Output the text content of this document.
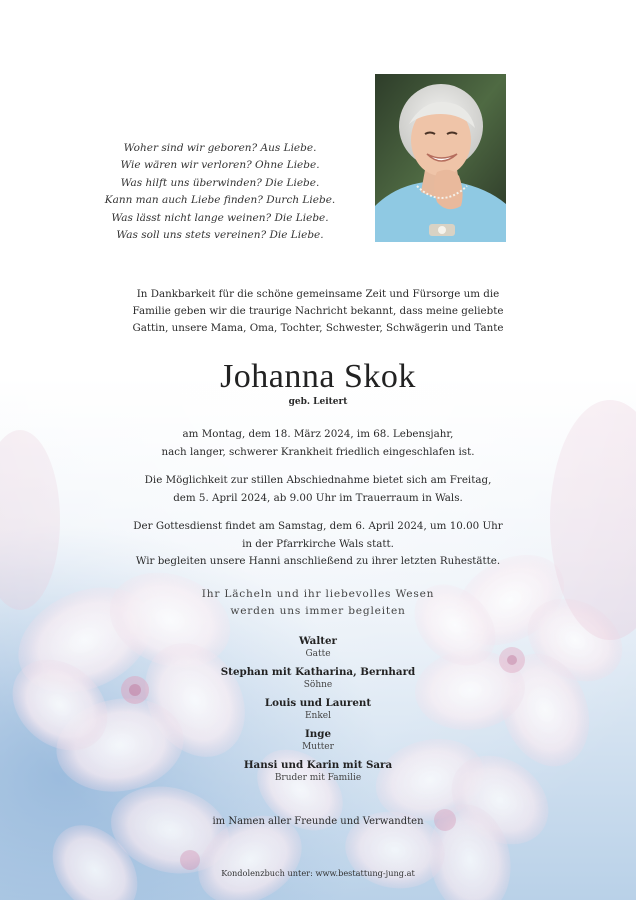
Woher sind wir geboren? Aus Liebe.
Wie wären wir verloren? Ohne Liebe.
Was hilft uns überwinden? Die Liebe.
Kann man auch Liebe finden? Durch Liebe.
Was lässt nicht lange weinen? Die Liebe.
Was soll uns stets vereinen? Die Liebe.
In Dankbarkeit für die schöne gemeinsame Zeit und Fürsorge um die
Familie geben wir die traurige Nachricht bekannt, dass meine geliebte
Gattin, unsere Mama, Oma, Tochter, Schwester, Schwägerin und Tante
Johanna Skok
geb. Leitert
am Montag, dem 18. März 2024, im 68. Lebensjahr,
nach langer, schwerer Krankheit friedlich eingeschlafen ist.
Die Möglichkeit zur stillen Abschiednahme bietet sich am Freitag,
dem 5. April 2024, ab 9.00 Uhr im Trauerraum in Wals.
Der Gottesdienst findet am Samstag, dem 6. April 2024, um 10.00 Uhr
in der Pfarrkirche Wals statt.
Wir begleiten unsere Hanni anschließend zu ihrer letzten Ruhestätte.
Ihr Lächeln und ihr liebevolles Wesen
werden uns immer begleiten
Walter
Gatte
Stephan mit Katharina, Bernhard
Söhne
Louis und Laurent
Enkel
Inge
Mutter
Hansi und Karin mit Sara
Bruder mit Familie
im Namen aller Freunde und Verwandten
Kondolenzbuch unter: www.bestattung-jung.at
